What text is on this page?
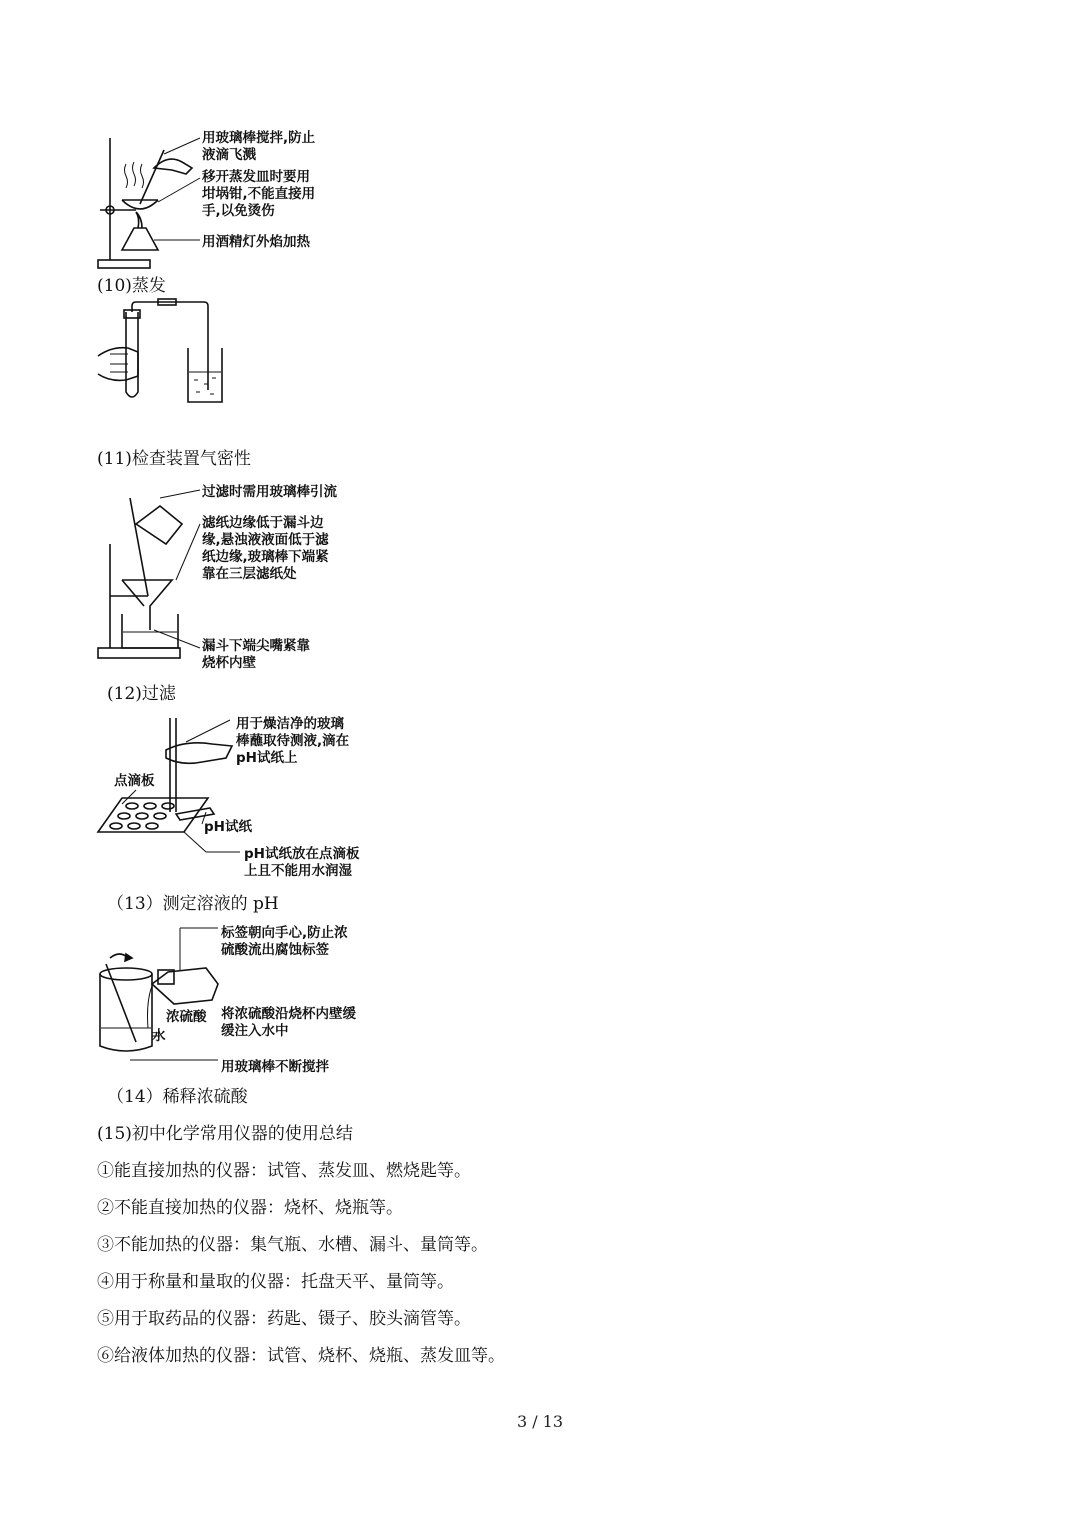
用玻璃棒搅拌,防止
液滴飞溅
移开蒸发皿时要用
坩埚钳,不能直接用
手,以免烫伤
用酒精灯外焰加热
(10)蒸发
(11)检查装置气密性
过滤时需用玻璃棒引流
滤纸边缘低于漏斗边
缘,悬浊液液面低于滤
纸边缘,玻璃棒下端紧
靠在三层滤纸处
漏斗下端尖嘴紧靠
烧杯内壁
(12)过滤
用于燥洁净的玻璃
棒蘸取待测液,滴在
pH试纸上
点滴板
pH试纸
pH试纸放在点滴板
上且不能用水润湿
（13）测定溶液的 pH
标签朝向手心,防止浓
硫酸流出腐蚀标签
浓硫酸 将浓硫酸沿烧杯内壁缓
缓注入水中
水
用玻璃棒不断搅拌
（14）稀释浓硫酸
(15)初中化学常用仪器的使用总结
①能直接加热的仪器：试管、蒸发皿、燃烧匙等。
②不能直接加热的仪器：烧杯、烧瓶等。
③不能加热的仪器：集气瓶、水槽、漏斗、量筒等。
④用于称量和量取的仪器：托盘天平、量筒等。
⑤用于取药品的仪器：药匙、镊子、胶头滴管等。
⑥给液体加热的仪器：试管、烧杯、烧瓶、蒸发皿等。
3 / 13
